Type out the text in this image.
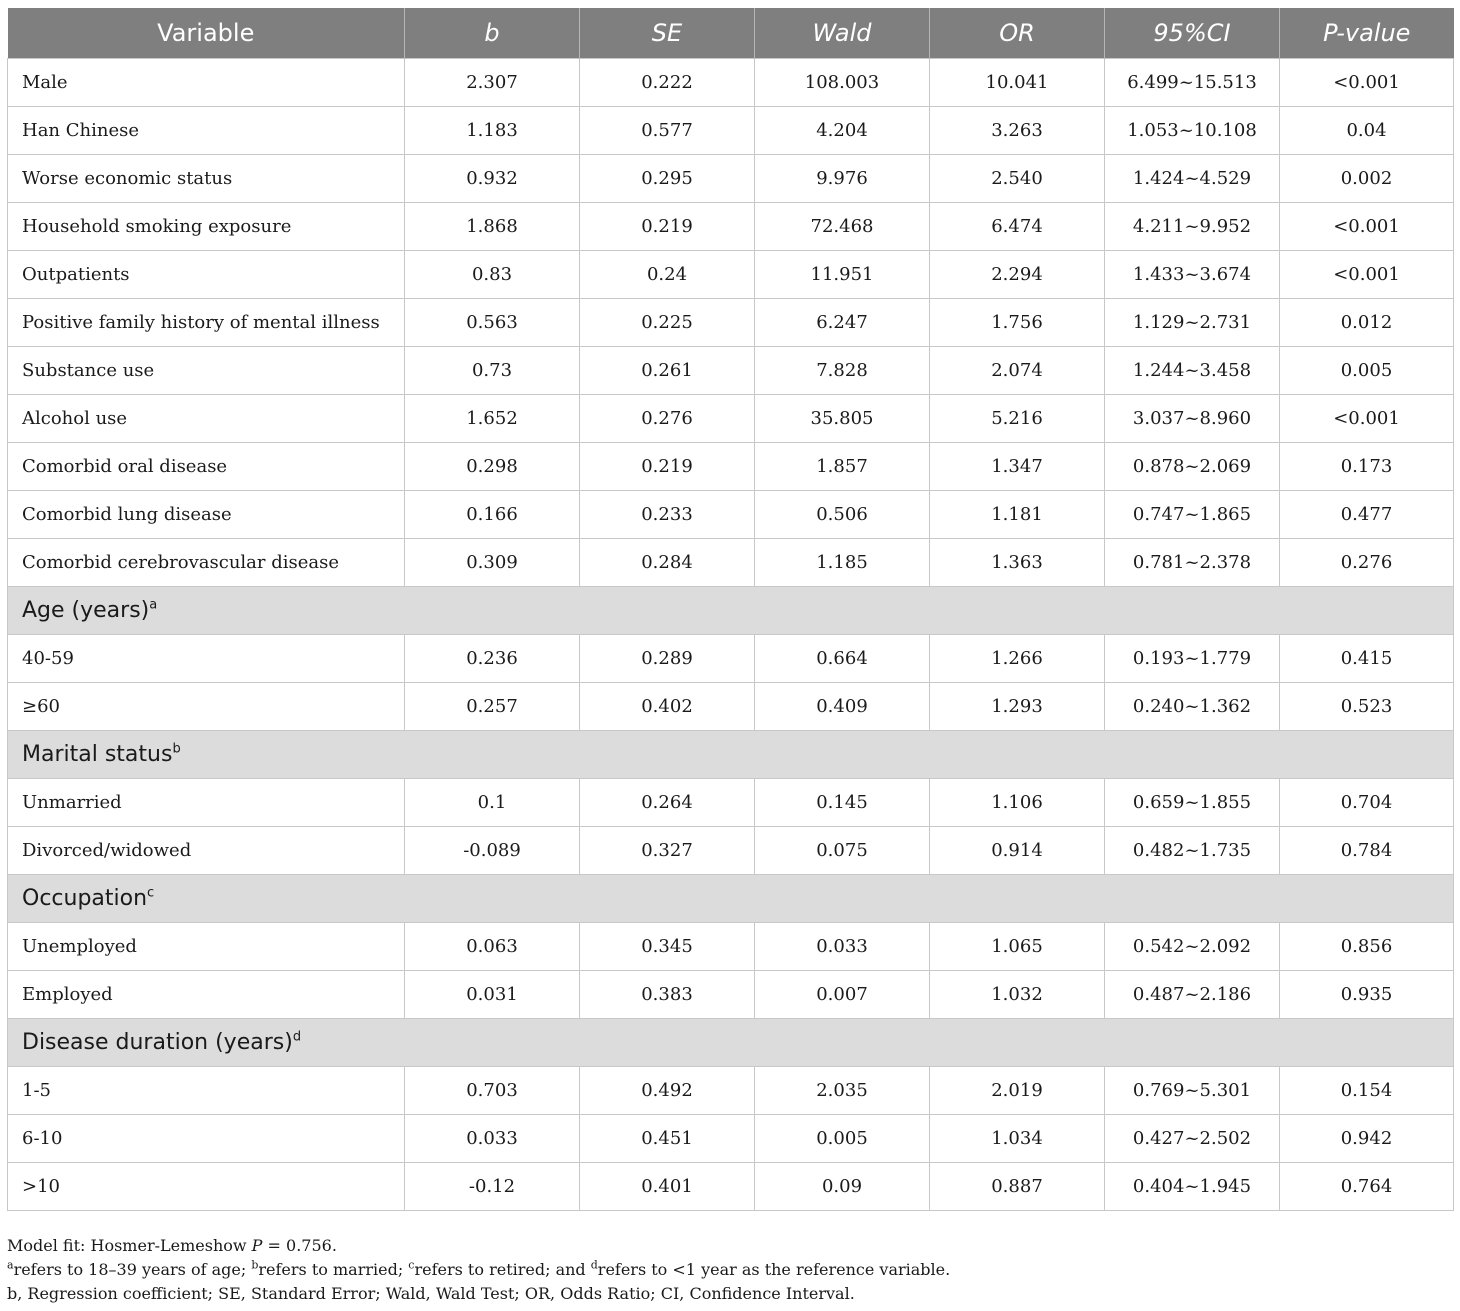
Variable	b	SE	Wald	OR	95%CI	P-value
Male	2.307	0.222	108.003	10.041	6.499~15.513	<0.001
Han Chinese	1.183	0.577	4.204	3.263	1.053~10.108	0.04
Worse economic status	0.932	0.295	9.976	2.540	1.424~4.529	0.002
Household smoking exposure	1.868	0.219	72.468	6.474	4.211~9.952	<0.001
Outpatients	0.83	0.24	11.951	2.294	1.433~3.674	<0.001
Positive family history of mental illness	0.563	0.225	6.247	1.756	1.129~2.731	0.012
Substance use	0.73	0.261	7.828	2.074	1.244~3.458	0.005
Alcohol use	1.652	0.276	35.805	5.216	3.037~8.960	<0.001
Comorbid oral disease	0.298	0.219	1.857	1.347	0.878~2.069	0.173
Comorbid lung disease	0.166	0.233	0.506	1.181	0.747~1.865	0.477
Comorbid cerebrovascular disease	0.309	0.284	1.185	1.363	0.781~2.378	0.276
Age (years)$^a$
40-59	0.236	0.289	0.664	1.266	0.193~1.779	0.415
≥60	0.257	0.402	0.409	1.293	0.240~1.362	0.523
Marital status$^b$
Unmarried	0.1	0.264	0.145	1.106	0.659~1.855	0.704
Divorced/widowed	-0.089	0.327	0.075	0.914	0.482~1.735	0.784
Occupation$^c$
Unemployed	0.063	0.345	0.033	1.065	0.542~2.092	0.856
Employed	0.031	0.383	0.007	1.032	0.487~2.186	0.935
Disease duration (years)$^d$
1-5	0.703	0.492	2.035	2.019	0.769~5.301	0.154
6-10	0.033	0.451	0.005	1.034	0.427~2.502	0.942
>10	-0.12	0.401	0.09	0.887	0.404~1.945	0.764
Model fit: Hosmer-Lemeshow P = 0.756.
$^a$refers to 18–39 years of age; $^b$refers to married; $^c$refers to retired; and $^d$refers to <1 year as the reference variable.
b, Regression coefficient; SE, Standard Error; Wald, Wald Test; OR, Odds Ratio; CI, Confidence Interval.
